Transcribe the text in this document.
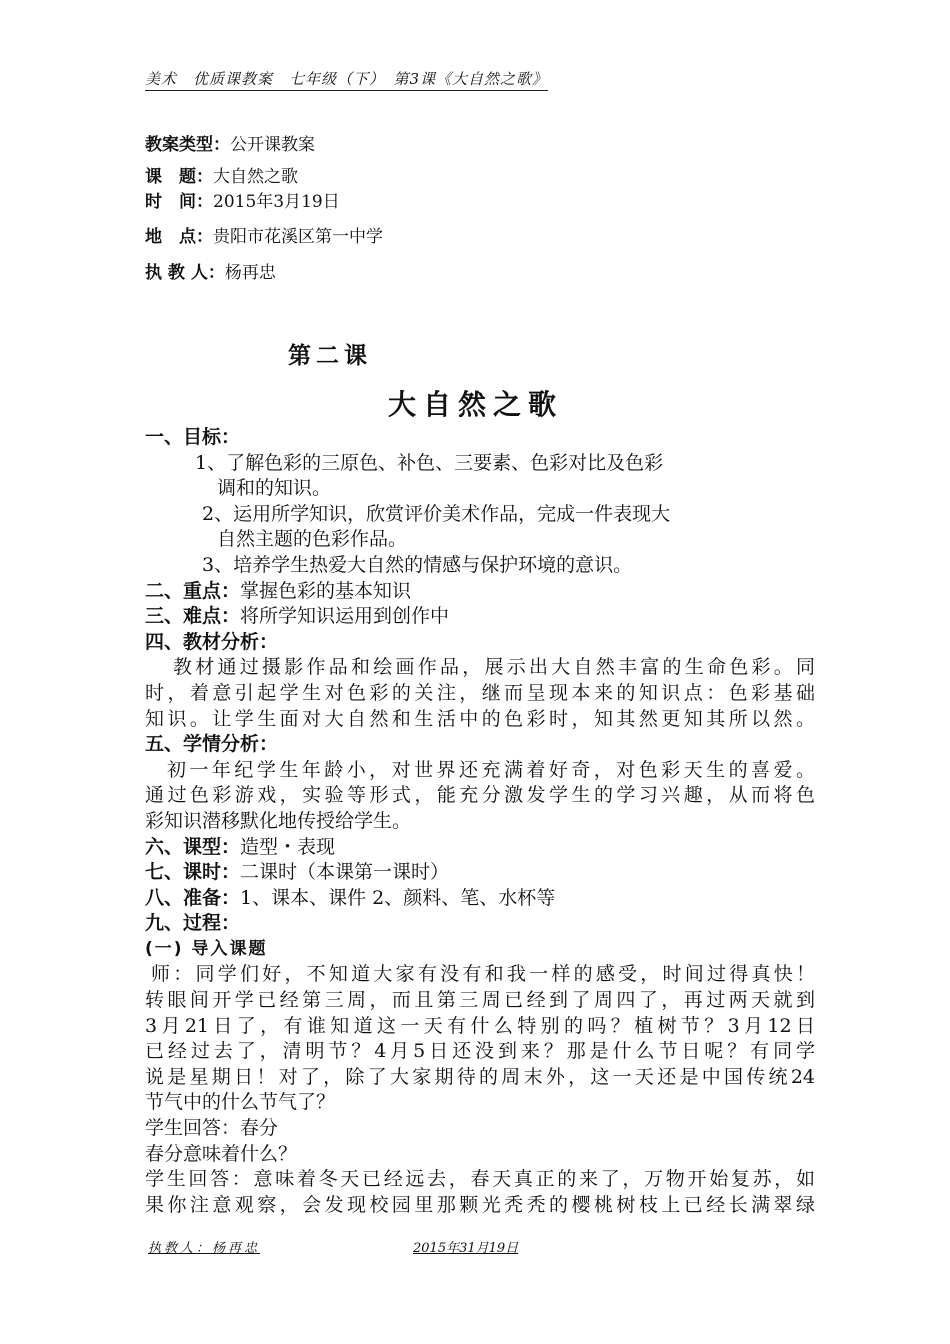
美术　优质课教案　七年级（下）　第3课《大自然之歌》
教案类型：公开课教案
课　题：大自然之歌
时　间：2015年3月19日
地　点：贵阳市花溪区第一中学
执 教 人：杨再忠
第二课
大自然之歌
一、目标：
1、了解色彩的三原色、补色、三要素、色彩对比及色彩
调和的知识。
2、运用所学知识，欣赏评价美术作品，完成一件表现大
自然主题的色彩作品。
3、培养学生热爱大自然的情感与保护环境的意识。
二、重点：掌握色彩的基本知识
三、难点：将所学知识运用到创作中
四、教材分析：
教材通过摄影作品和绘画作品，展示出大自然丰富的生命色彩。同
时，着意引起学生对色彩的关注，继而呈现本来的知识点：色彩基础
知识。让学生面对大自然和生活中的色彩时，知其然更知其所以然。
五、学情分析：
初一年纪学生年龄小，对世界还充满着好奇，对色彩天生的喜爱。
通过色彩游戏，实验等形式，能充分激发学生的学习兴趣，从而将色
彩知识潜移默化地传授给学生。
六、课型：造型・表现
七、课时：二课时（本课第一课时）
八、准备：1、课本、课件 2、颜料、笔、水杯等
九、过程：
(一) 导入课题
师：同学们好，不知道大家有没有和我一样的感受，时间过得真快！
转眼间开学已经第三周，而且第三周已经到了周四了，再过两天就到
3月21日了，有谁知道这一天有什么特别的吗？植树节？3月12日
已经过去了，清明节？4月5日还没到来？那是什么节日呢？有同学
说是星期日！对了，除了大家期待的周末外，这一天还是中国传统24
节气中的什么节气了？
学生回答：春分
春分意味着什么？
学生回答：意味着冬天已经远去，春天真正的来了，万物开始复苏，如
果你注意观察，会发现校园里那颗光秃秃的樱桃树枝上已经长满翠绿
执教人：杨再忠	2015年31月19日
